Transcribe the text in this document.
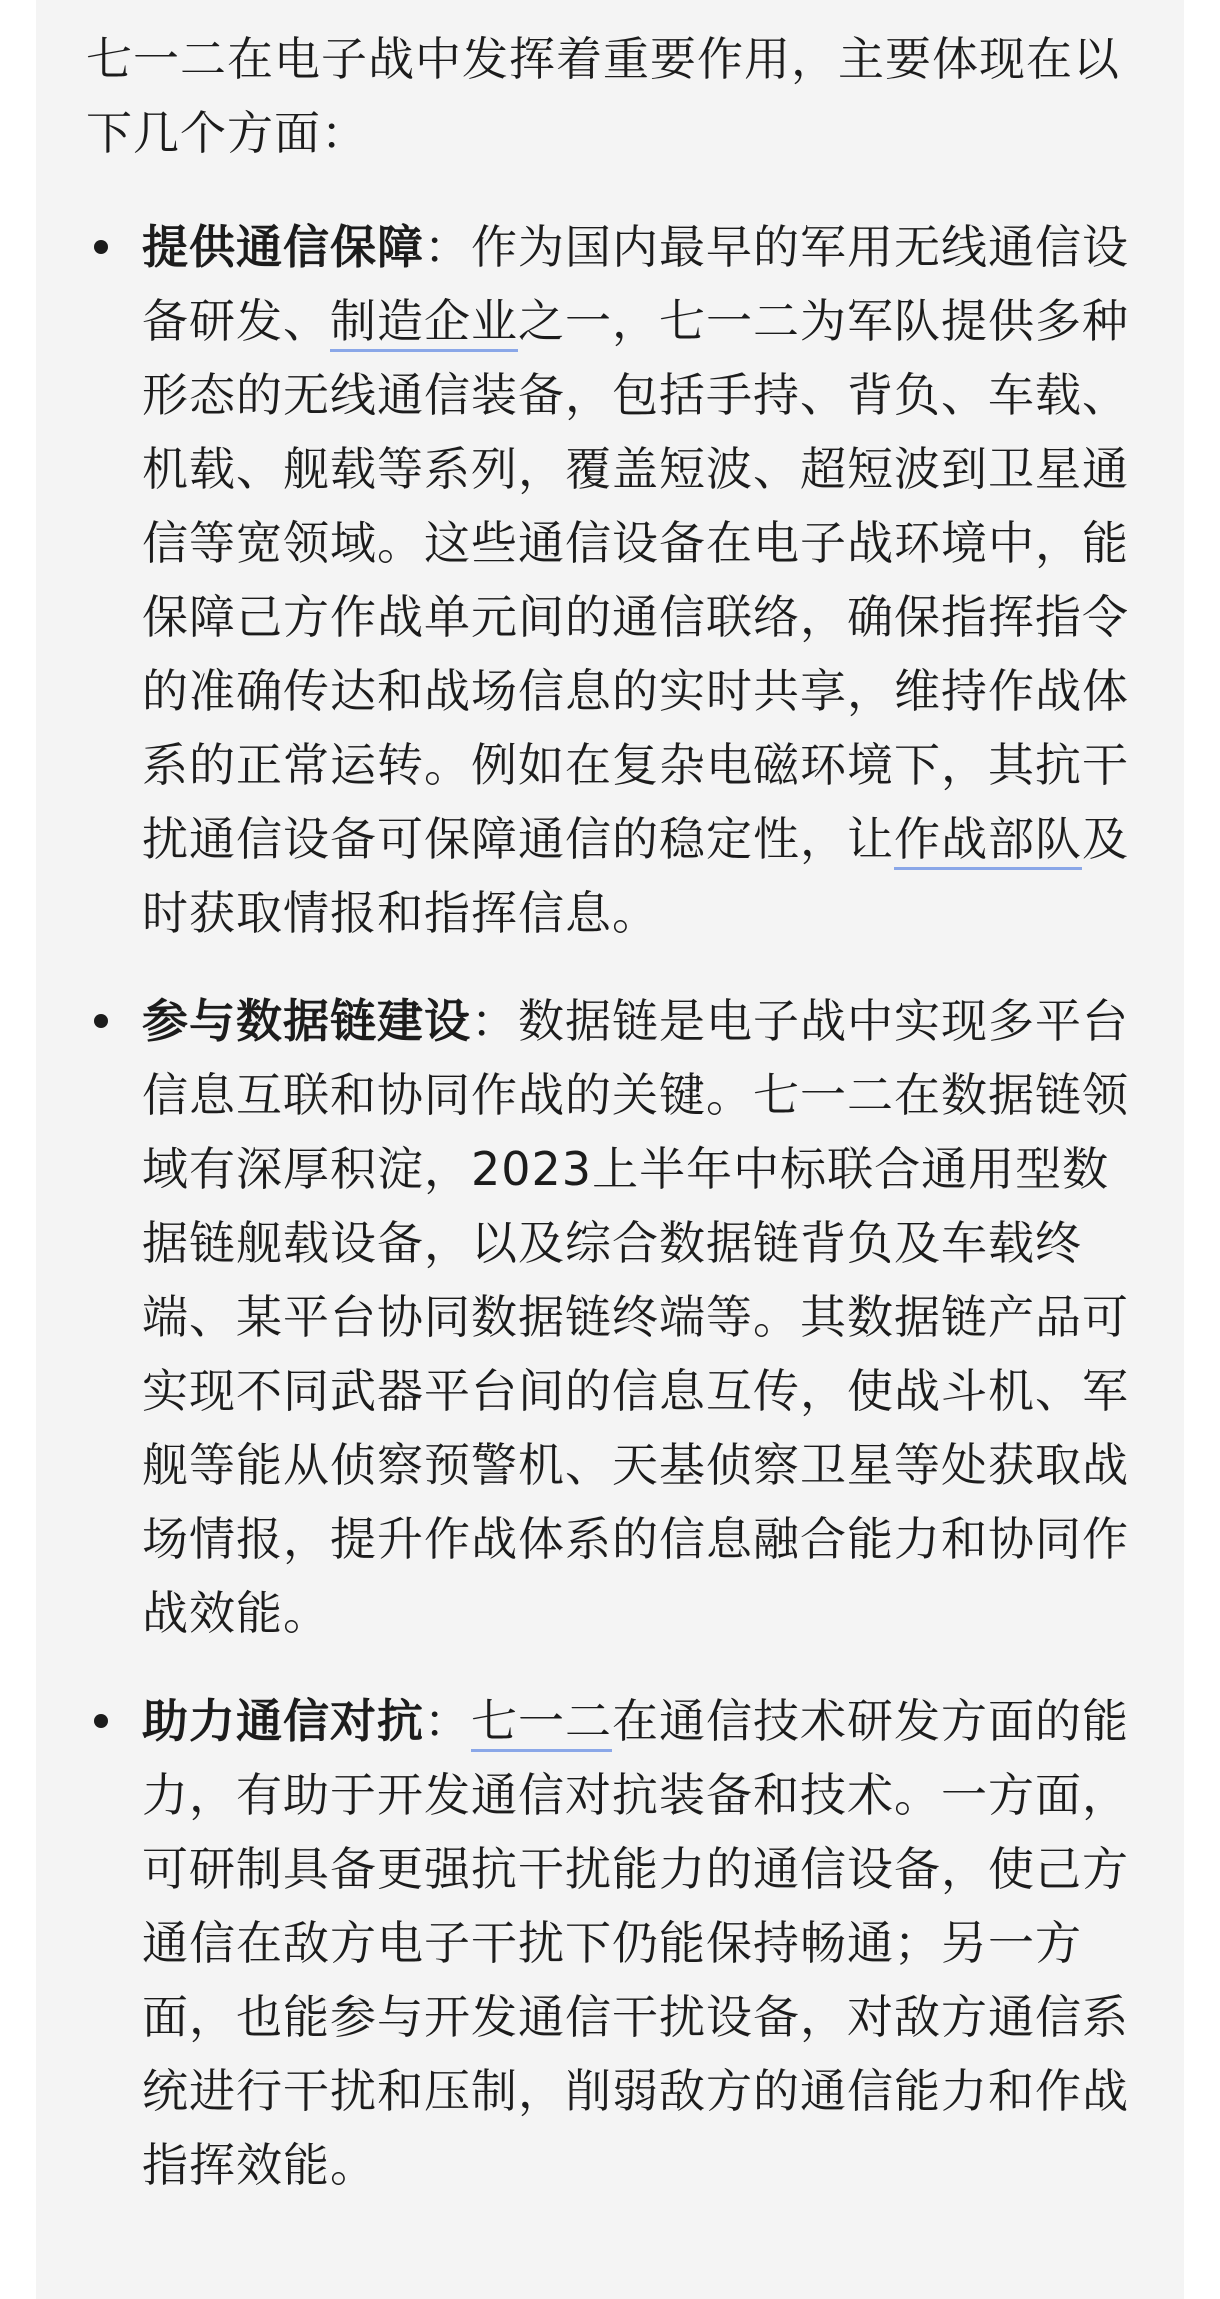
七一二在电子战中发挥着重要作用，主要体现在以下几个方面：

提供通信保障：作为国内最早的军用无线通信设备研发、制造企业之一，七一二为军队提供多种形态的无线通信装备，包括手持、背负、车载、机载、舰载等系列，覆盖短波、超短波到卫星通信等宽领域。这些通信设备在电子战环境中，能保障己方作战单元间的通信联络，确保指挥指令的准确传达和战场信息的实时共享，维持作战体系的正常运转。例如在复杂电磁环境下，其抗干扰通信设备可保障通信的稳定性，让作战部队及时获取情报和指挥信息。
参与数据链建设：数据链是电子战中实现多平台信息互联和协同作战的关键。七一二在数据链领域有深厚积淀，2023上半年中标联合通用型数据链舰载设备，以及综合数据链背负及车载终端、某平台协同数据链终端等。其数据链产品可实现不同武器平台间的信息互传，使战斗机、军舰等能从侦察预警机、天基侦察卫星等处获取战场情报，提升作战体系的信息融合能力和协同作战效能。
助力通信对抗：七一二在通信技术研发方面的能力，有助于开发通信对抗装备和技术。一方面，可研制具备更强抗干扰能力的通信设备，使己方通信在敌方电子干扰下仍能保持畅通；另一方面，也能参与开发通信干扰设备，对敌方通信系统进行干扰和压制，削弱敌方的通信能力和作战指挥效能。
